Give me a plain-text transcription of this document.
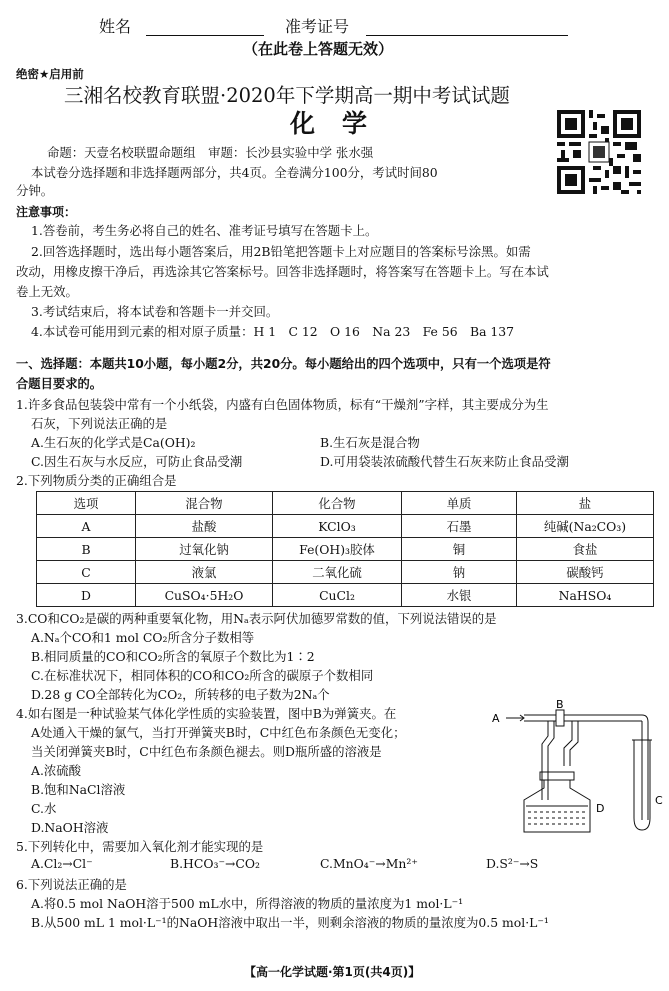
姓名	准考证号
（在此卷上答题无效）
绝密★启用前
三湘名校教育联盟·2020年下学期高一期中考试试题
化　学
命题：天壹名校联盟命题组　审题：长沙县实验中学 张水强
本试卷分选择题和非选择题两部分，共4页。全卷满分100分，考试时间80
分钟。
注意事项：
1.答卷前，考生务必将自己的姓名、准考证号填写在答题卡上。
2.回答选择题时，选出每小题答案后，用2B铅笔把答题卡上对应题目的答案标号涂黑。如需
改动，用橡皮擦干净后，再选涂其它答案标号。回答非选择题时，将答案写在答题卡上。写在本试
卷上无效。
3.考试结束后，将本试卷和答题卡一并交回。
4.本试卷可能用到元素的相对原子质量：H 1　C 12　O 16　Na 23　Fe 56　Ba 137
一、选择题：本题共10小题，每小题2分，共20分。每小题给出的四个选项中，只有一个选项是符
合题目要求的。
1.许多食品包装袋中常有一个小纸袋，内盛有白色固体物质，标有“干燥剂”字样，其主要成分为生
石灰，下列说法正确的是
A.生石灰的化学式是Ca(OH)₂	B.生石灰是混合物
C.因生石灰与水反应，可防止食品受潮	D.可用袋装浓硫酸代替生石灰来防止食品受潮
2.下列物质分类的正确组合是
选项	混合物	化合物	单质	盐
A	盐酸	KClO₃	石墨	纯碱(Na₂CO₃)
B	过氧化钠	Fe(OH)₃胶体	铜	食盐
C	液氯	二氧化硫	钠	碳酸钙
D	CuSO₄·5H₂O	CuCl₂	水银	NaHSO₄
3.CO和CO₂是碳的两种重要氧化物，用Nₐ表示阿伏加德罗常数的值，下列说法错误的是
A.Nₐ个CO和1 mol CO₂所含分子数相等
B.相同质量的CO和CO₂所含的氧原子个数比为1∶2
C.在标准状况下，相同体积的CO和CO₂所含的碳原子个数相同
D.28 g CO全部转化为CO₂，所转移的电子数为2Nₐ个
4.如右图是一种试验某气体化学性质的实验装置，图中B为弹簧夹。在
A处通入干燥的氯气，当打开弹簧夹B时，C中红色布条颜色无变化；
当关闭弹簧夹B时，C中红色布条颜色褪去。则D瓶所盛的溶液是
A.浓硫酸
B.饱和NaCl溶液
C.水
D.NaOH溶液
A
B
C
D
5.下列转化中，需要加入氧化剂才能实现的是
A.Cl₂→Cl⁻	B.HCO₃⁻→CO₂	C.MnO₄⁻→Mn²⁺	D.S²⁻→S
6.下列说法正确的是
A.将0.5 mol NaOH溶于500 mL水中，所得溶液的物质的量浓度为1 mol·L⁻¹
B.从500 mL 1 mol·L⁻¹的NaOH溶液中取出一半，则剩余溶液的物质的量浓度为0.5 mol·L⁻¹
【高一化学试题·第1页(共4页)】
